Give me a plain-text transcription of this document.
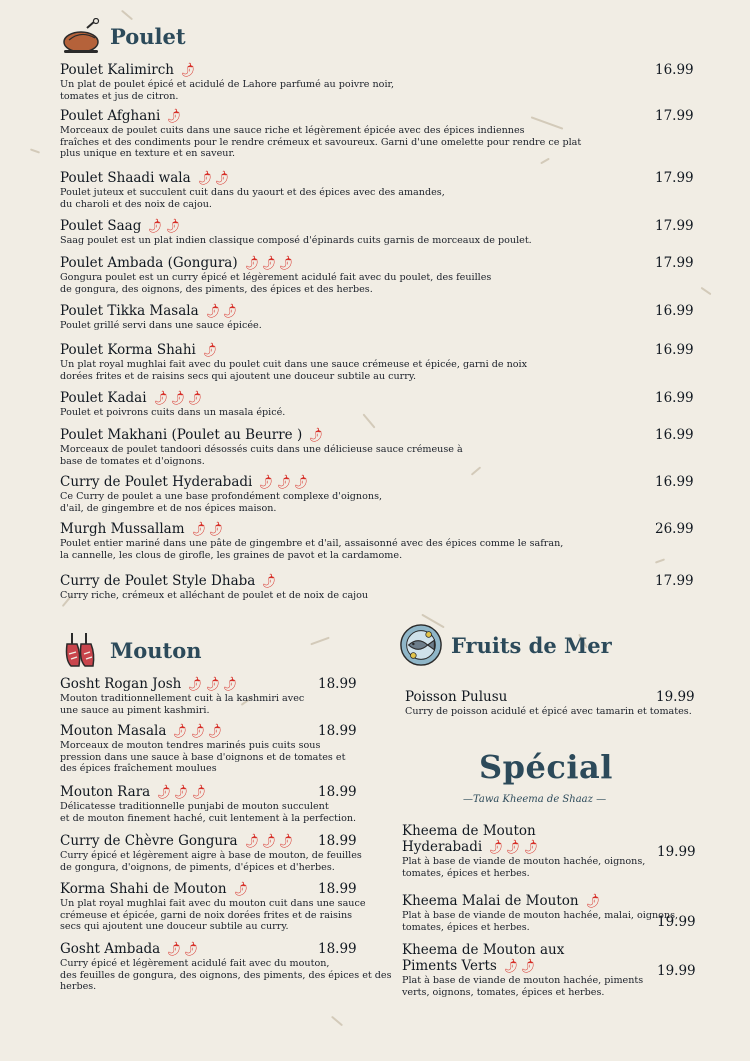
Poulet
Poulet Kalimirch 🌶
Un plat de poulet épicé et acidulé de Lahore parfumé au poivre noir,
tomates et jus de citron.
16.99
Poulet Afghani 🌶
Morceaux de poulet cuits dans une sauce riche et légèrement épicée avec des épices indiennes
fraîches et des condiments pour le rendre crémeux et savoureux. Garni d'une omelette pour rendre ce plat
plus unique en texture et en saveur.
17.99
Poulet Shaadi wala 🌶
🌶
Poulet juteux et succulent cuit dans du yaourt et des épices avec des amandes,
du charoli et des noix de cajou.
17.99
Poulet Saag 🌶
🌶
Saag poulet est un plat indien classique composé d'épinards cuits garnis de morceaux de poulet.
17.99
Poulet Ambada (Gongura) 🌶
🌶
🌶
Gongura poulet est un curry épicé et légèrement acidulé fait avec du poulet, des feuilles
de gongura, des oignons, des piments, des épices et des herbes.
17.99
Poulet Tikka Masala 🌶
🌶
Poulet grillé servi dans une sauce épicée.
16.99
Poulet Korma Shahi 🌶
Un plat royal mughlai fait avec du poulet cuit dans une sauce crémeuse et épicée, garni de noix
dorées frites et de raisins secs qui ajoutent une douceur subtile au curry.
16.99
Poulet Kadai 🌶
🌶
🌶
Poulet et poivrons cuits dans un masala épicé.
16.99
Poulet Makhani (Poulet au Beurre ) 🌶
Morceaux de poulet tandoori désossés cuits dans une délicieuse sauce crémeuse à
base de tomates et d'oignons.
16.99
Curry de Poulet Hyderabadi 🌶
🌶
🌶
Ce Curry de poulet a une base profondément complexe d'oignons,
d'ail, de gingembre et de nos épices maison.
16.99
Murgh Mussallam 🌶
🌶
Poulet entier mariné dans une pâte de gingembre et d'ail, assaisonné avec des épices comme le safran,
la cannelle, les clous de girofle, les graines de pavot et la cardamome.
26.99
Curry de Poulet Style Dhaba 🌶
Curry riche, crémeux et alléchant de poulet et de noix de cajou
17.99
Mouton
Gosht Rogan Josh 🌶
🌶
🌶
Mouton traditionnellement cuit à la kashmiri avec
une sauce au piment kashmiri.
18.99
Mouton Masala 🌶
🌶
🌶
Morceaux de mouton tendres marinés puis cuits sous
pression dans une sauce à base d'oignons et de tomates et
des épices fraîchement moulues
18.99
Mouton Rara 🌶
🌶
🌶
Délicatesse traditionnelle punjabi de mouton succulent
et de mouton finement haché, cuit lentement à la perfection.
18.99
Curry de Chèvre Gongura 🌶
🌶
🌶
Curry épicé et légèrement aigre à base de mouton, de feuilles
de gongura, d'oignons, de piments, d'épices et d'herbes.
18.99
Korma Shahi de Mouton 🌶
Un plat royal mughlai fait avec du mouton cuit dans une sauce
crémeuse et épicée, garni de noix dorées frites et de raisins
secs qui ajoutent une douceur subtile au curry.
18.99
Gosht Ambada 🌶
🌶
Curry épicé et légèrement acidulé fait avec du mouton,
des feuilles de gongura, des oignons, des piments, des épices et des
herbes.
18.99
Fruits de Mer
Poisson Pulusu
Curry de poisson acidulé et épicé avec tamarin et tomates.
19.99
Spécial
—Tawa Kheema de Shaaz —
Kheema de Mouton
Hyderabadi 🌶
🌶
🌶
Plat à base de viande de mouton hachée, oignons,
tomates, épices et herbes.
19.99
Kheema Malai de Mouton 🌶
Plat à base de viande de mouton hachée, malai, oignons,
tomates, épices et herbes.	19.99
Kheema de Mouton aux
Piments Verts 🌶
🌶
Plat à base de viande de mouton hachée, piments
verts, oignons, tomates, épices et herbes.
19.99
